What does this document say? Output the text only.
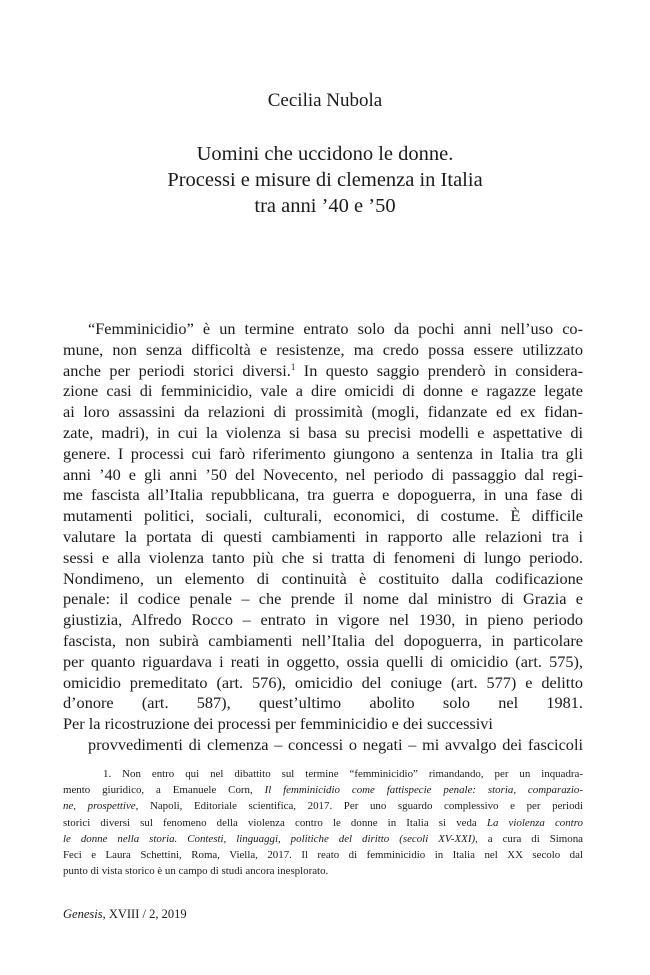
Cecilia Nubola
Uomini che uccidono le donne.
Processi e misure di clemenza in Italia
tra anni ’40 e ’50
“Femminicidio” è un termine entrato solo da pochi anni nell’uso co-
mune, non senza difficoltà e resistenze, ma credo possa essere utilizzato
anche per periodi storici diversi.$^1$ In questo saggio prenderò in considera-
zione casi di femminicidio, vale a dire omicidi di donne e ragazze legate
ai loro assassini da relazioni di prossimità (mogli, fidanzate ed ex fidan-
zate, madri), in cui la violenza si basa su precisi modelli e aspettative di
genere. I processi cui farò riferimento giungono a sentenza in Italia tra gli
anni ’40 e gli anni ’50 del Novecento, nel periodo di passaggio dal regi-
me fascista all’Italia repubblicana, tra guerra e dopoguerra, in una fase di
mutamenti politici, sociali, culturali, economici, di costume. È difficile
valutare la portata di questi cambiamenti in rapporto alle relazioni tra i
sessi e alla violenza tanto più che si tratta di fenomeni di lungo periodo.
Nondimeno, un elemento di continuità è costituito dalla codificazione
penale: il codice penale – che prende il nome dal ministro di Grazia e
giustizia, Alfredo Rocco – entrato in vigore nel 1930, in pieno periodo
fascista, non subirà cambiamenti nell’Italia del dopoguerra, in particolare
per quanto riguardava i reati in oggetto, ossia quelli di omicidio (art. 575),
omicidio premeditato (art. 576), omicidio del coniuge (art. 577) e delitto
d’onore (art. 587), quest’ultimo abolito solo nel 1981.
Per la ricostruzione dei processi per femminicidio e dei successivi
provvedimenti di clemenza – concessi o negati – mi avvalgo dei fascicoli
1. Non entro qui nel dibattito sul termine “femminicidio” rimandando, per un inquadra-
mento giuridico, a Emanuele Corn, Il femminicidio come fattispecie penale: storia, comparazio-
ne, prospettive, Napoli, Editoriale scientifica, 2017. Per uno sguardo complessivo e per periodi
storici diversi sul fenomeno della violenza contro le donne in Italia si veda La violenza contro
le donne nella storia. Contesti, linguaggi, politiche del diritto (secoli XV-XXI), a cura di Simona
Feci e Laura Schettini, Roma, Viella, 2017. Il reato di femminicidio in Italia nel XX secolo dal
punto di vista storico è un campo di studi ancora inesplorato.
Genesis, XVIII / 2, 2019
